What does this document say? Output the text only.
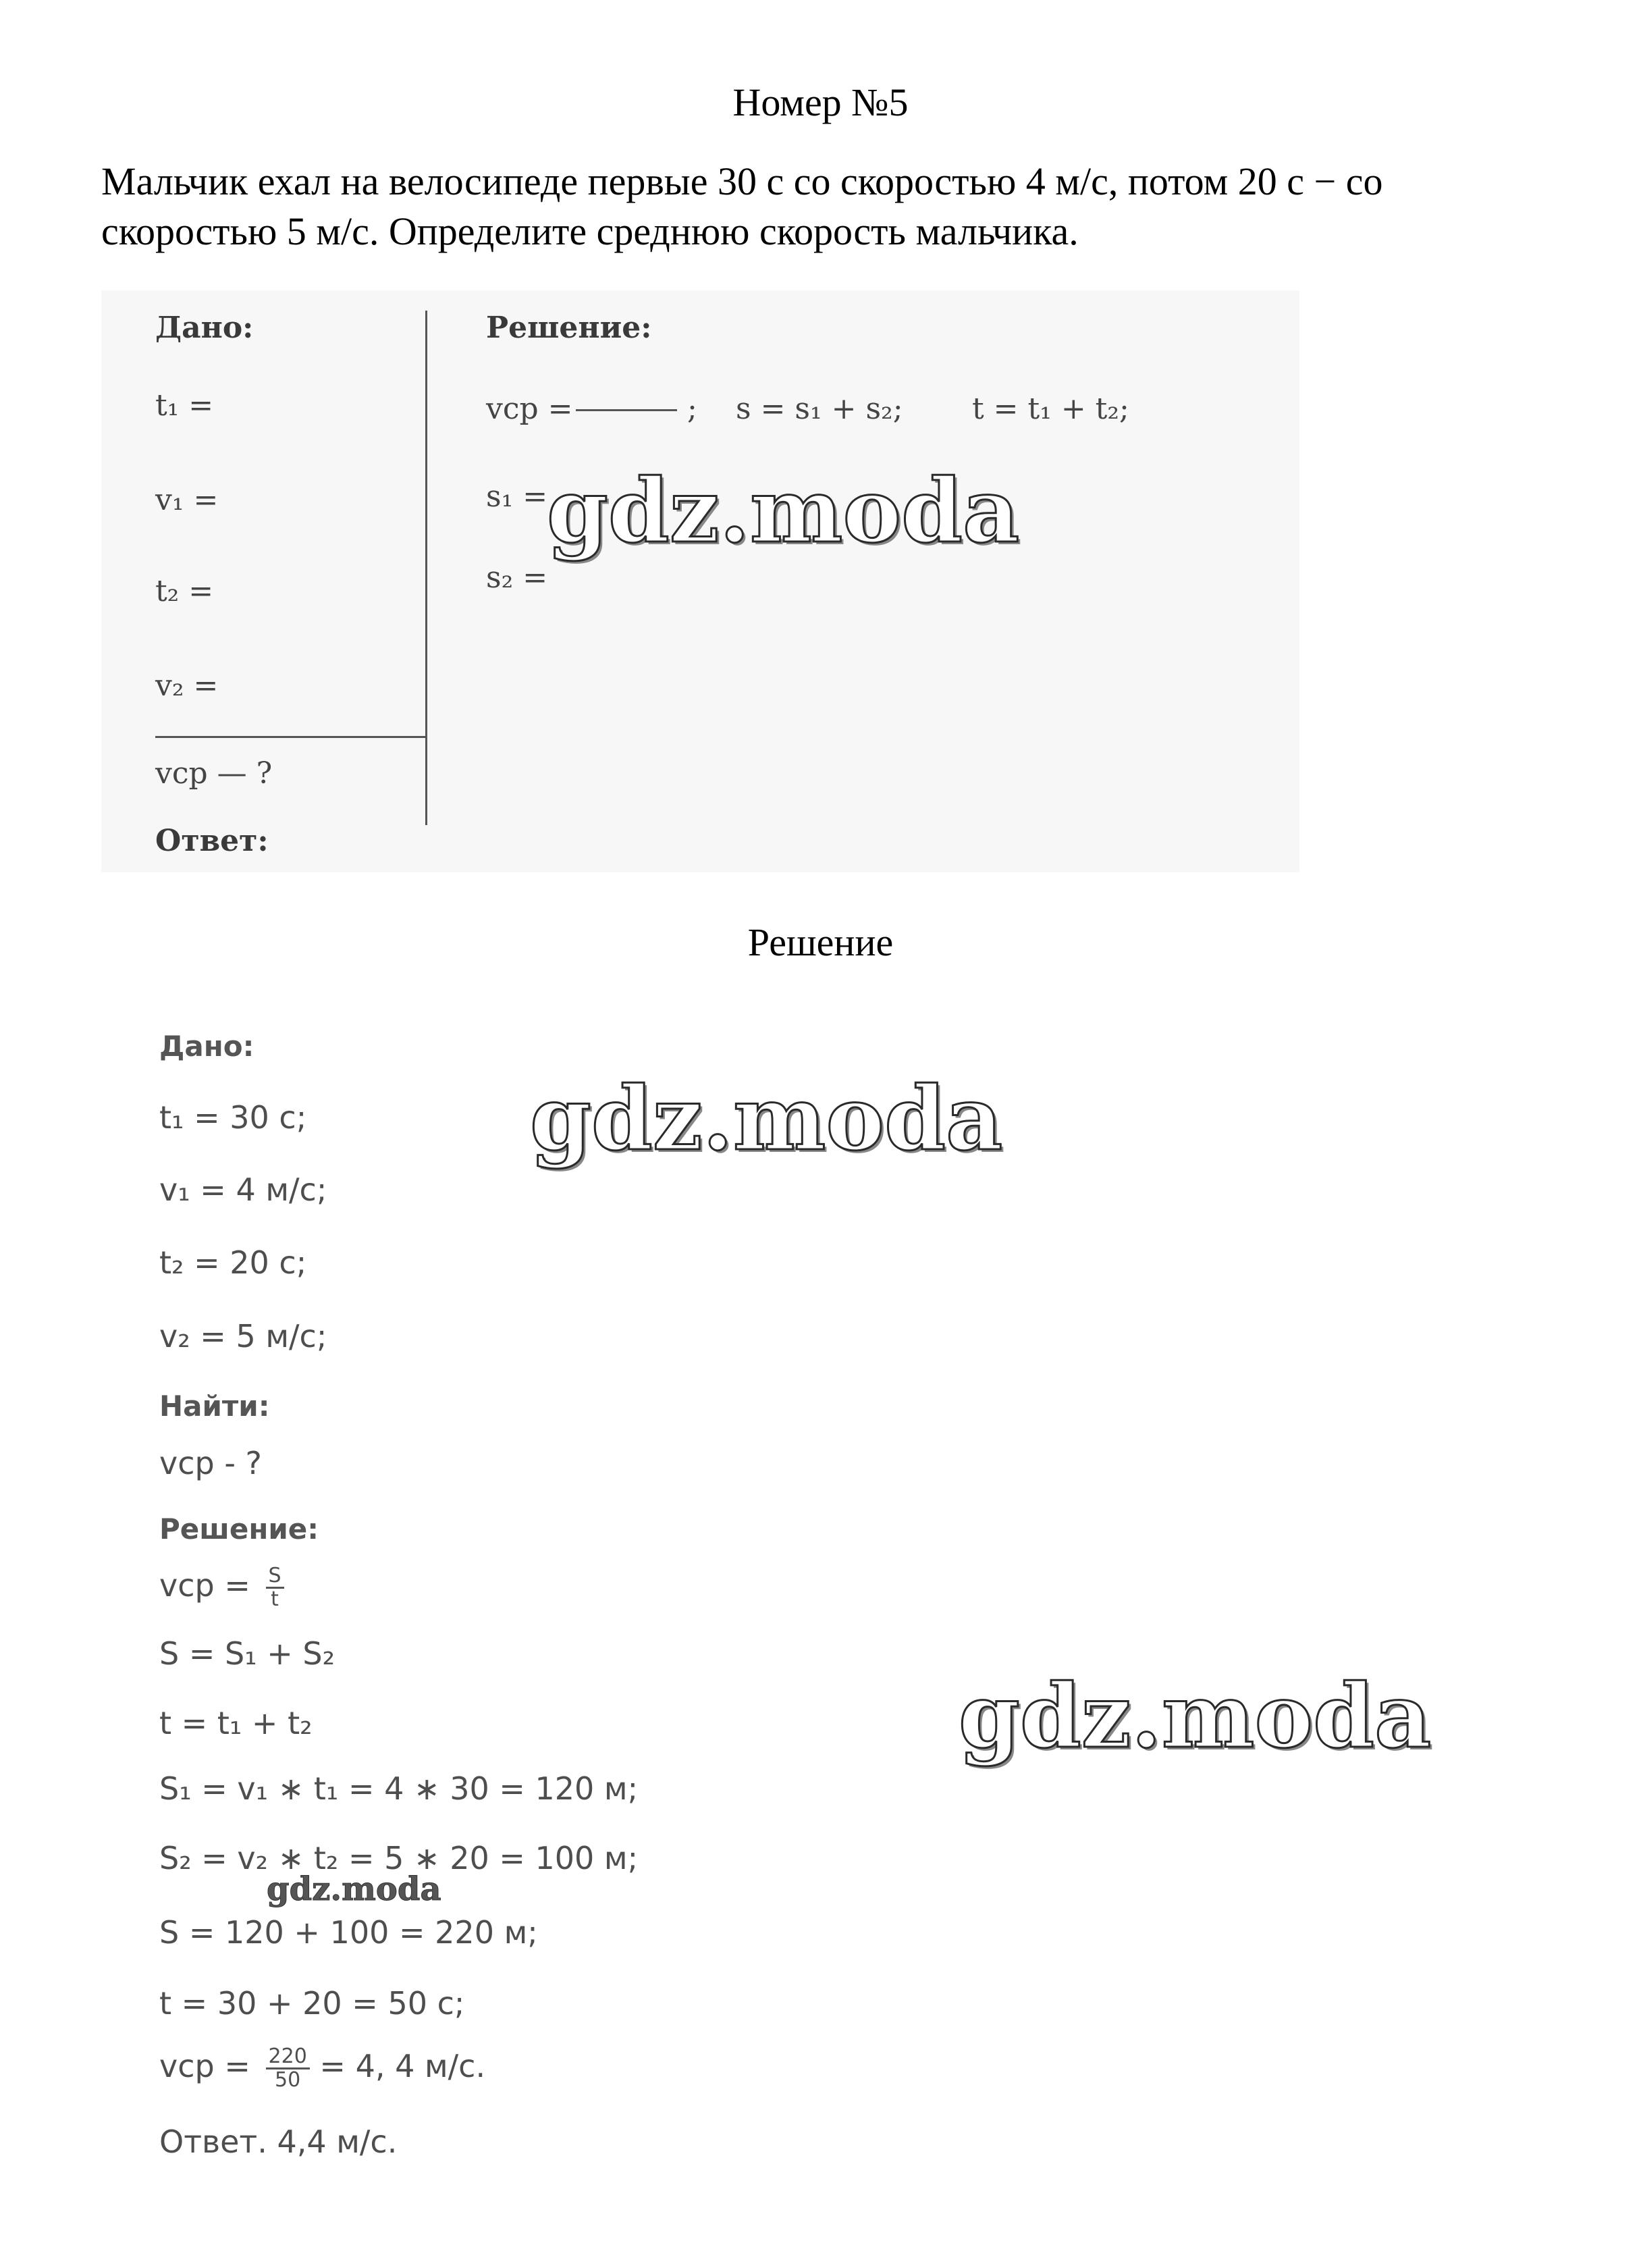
Номер №5
Мальчик ехал на велосипеде первые 30 с со скоростью 4 м/с, потом 20 с − со скоростью 5 м/с. Определите среднюю скорость мальчика.
Дано:
t₁ =
v₁ =
t₂ =
v₂ =
vср — ?
Ответ:
Решение:
vср =	; s = s₁ + s₂; t = t₁ + t₂;
s₁ =
s₂ =
Решение
Дано:
t₁ = 30 с;
v₁ = 4 м/с;
t₂ = 20 с;
v₂ = 5 м/с;
Найти:
vср - ?
Решение:
vср = $\frac{S}{t}$
S = S₁ + S₂
t = t₁ + t₂
S₁ = v₁ ∗ t₁ = 4 ∗ 30 = 120 м;
S₂ = v₂ ∗ t₂ = 5 ∗ 20 = 100 м;
S = 120 + 100 = 220 м;
t = 30 + 20 = 50 с;
vср = $\frac{220}{50} = 4$, 4 м/с.
Ответ. 4,4 м/с.
gdz.moda
gdz.moda
gdz.moda
gdz.moda
